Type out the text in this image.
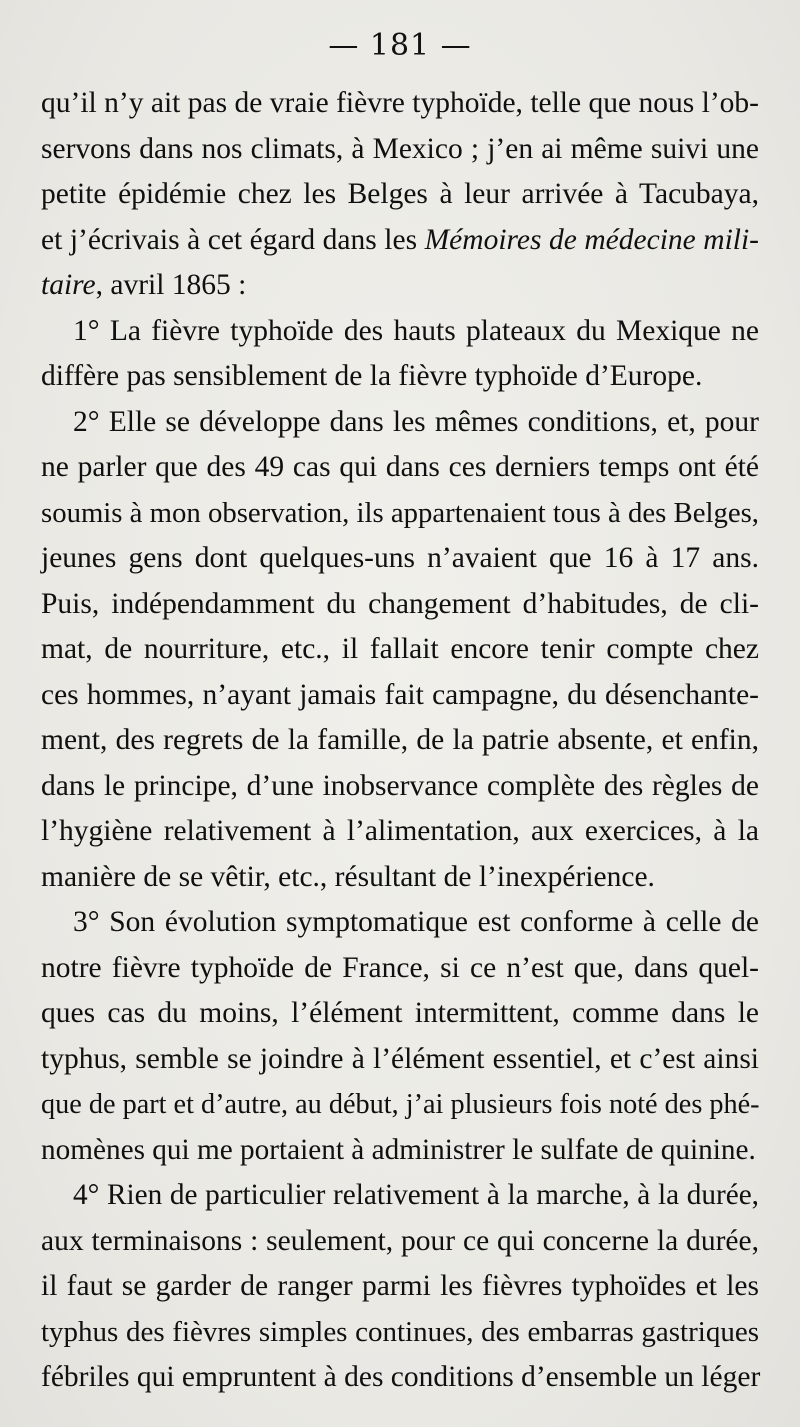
— 181 —
qu’il n’y ait pas de vraie fièvre typhoïde, telle que nous l’ob-
servons dans nos climats, à Mexico ; j’en ai même suivi une
petite épidémie chez les Belges à leur arrivée à Tacubaya,
et j’écrivais à cet égard dans les Mémoires de médecine mili-
taire, avril 1865 :
1° La fièvre typhoïde des hauts plateaux du Mexique ne
diffère pas sensiblement de la fièvre typhoïde d’Europe.
2° Elle se développe dans les mêmes conditions, et, pour
ne parler que des 49 cas qui dans ces derniers temps ont été
soumis à mon observation, ils appartenaient tous à des Belges,
jeunes gens dont quelques-uns n’avaient que 16 à 17 ans.
Puis, indépendamment du changement d’habitudes, de cli-
mat, de nourriture, etc., il fallait encore tenir compte chez
ces hommes, n’ayant jamais fait campagne, du désenchante-
ment, des regrets de la famille, de la patrie absente, et enfin,
dans le principe, d’une inobservance complète des règles de
l’hygiène relativement à l’alimentation, aux exercices, à la
manière de se vêtir, etc., résultant de l’inexpérience.
3° Son évolution symptomatique est conforme à celle de
notre fièvre typhoïde de France, si ce n’est que, dans quel-
ques cas du moins, l’élément intermittent, comme dans le
typhus, semble se joindre à l’élément essentiel, et c’est ainsi
que de part et d’autre, au début, j’ai plusieurs fois noté des phé-
nomènes qui me portaient à administrer le sulfate de quinine.
4° Rien de particulier relativement à la marche, à la durée,
aux terminaisons : seulement, pour ce qui concerne la durée,
il faut se garder de ranger parmi les fièvres typhoïdes et les
typhus des fièvres simples continues, des embarras gastriques
fébriles qui empruntent à des conditions d’ensemble un léger
